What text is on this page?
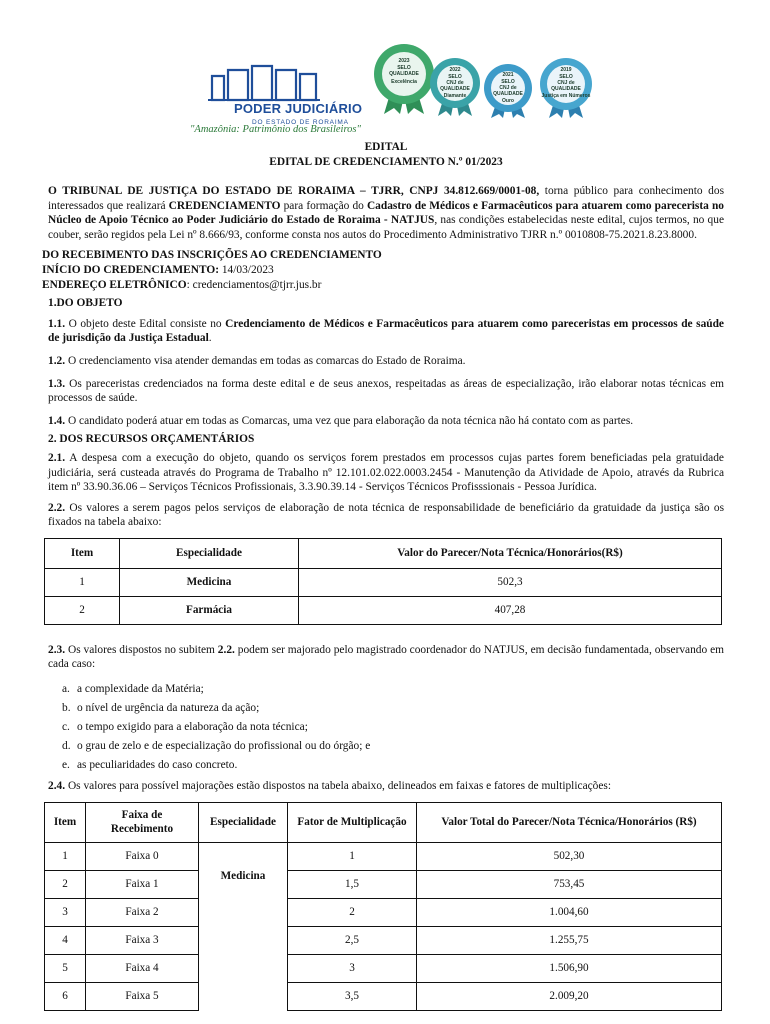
PODER JUDICIÁRIO
DO ESTADO DE RORAIMA
"Amazônia: Patrimônio dos Brasileiros"
2023
SELO
QUALIDADE
Excelência
2022
SELO
CNJ de
QUALIDADE
Diamante
2021
SELO
CNJ de
QUALIDADE
Ouro
2019
SELO
CNJ de
QUALIDADE
Justiça em Números

EDITAL

EDITAL DE CREDENCIAMENTO N.º 01/2023

O TRIBUNAL DE JUSTIÇA DO ESTADO DE RORAIMA – TJRR, CNPJ 34.812.669/0001-08, torna público para conhecimento dos interessados que realizará CREDENCIAMENTO para formação do Cadastro de Médicos e Farmacêuticos para atuarem como parecerista no Núcleo de Apoio Técnico ao Poder Judiciário do Estado de Roraima - NATJUS, nas condições estabelecidas neste edital, cujos termos, no que couber, serão regidos pela Lei nº 8.666/93, conforme consta nos autos do Procedimento Administrativo TJRR n.º 0010808-75.2021.8.23.8000.

DO RECEBIMENTO DAS INSCRIÇÕES AO CREDENCIAMENTO

INÍCIO DO CREDENCIAMENTO: 14/03/2023

ENDEREÇO ELETRÔNICO: credenciamentos@tjrr.jus.br

1.DO OBJETO

1.1. O objeto deste Edital consiste no Credenciamento de Médicos e Farmacêuticos para atuarem como pareceristas em processos de saúde de jurisdição da Justiça Estadual.

1.2. O credenciamento visa atender demandas em todas as comarcas do Estado de Roraima.

1.3. Os pareceristas credenciados na forma deste edital e de seus anexos, respeitadas as áreas de especialização, irão elaborar notas técnicas em processos de saúde.

1.4. O candidato poderá atuar em todas as Comarcas, uma vez que para elaboração da nota técnica não há contato com as partes.

2. DOS RECURSOS ORÇAMENTÁRIOS

2.1. A despesa com a execução do objeto, quando os serviços forem prestados em processos cujas partes forem beneficiadas pela gratuidade judiciária, será custeada através do Programa de Trabalho nº 12.101.02.022.0003.2454 - Manutenção da Atividade de Apoio, através da Rubrica item nº 33.90.36.06 – Serviços Técnicos Profissionais, 3.3.90.39.14 - Serviços Técnicos Profisssionais - Pessoa Jurídica.

2.2. Os valores a serem pagos pelos serviços de elaboração de nota técnica de responsabilidade de beneficiário da gratuidade da justiça são os fixados na tabela abaixo:

Item	Especialidade	Valor do Parecer/Nota Técnica/Honorários(R$)
1	Medicina	502,3
2	Farmácia	407,28

2.3. Os valores dispostos no subitem 2.2. podem ser majorado pelo magistrado coordenador do NATJUS, em decisão fundamentada, observando em cada caso:

a. a complexidade da Matéria;
b. o nível de urgência da natureza da ação;
c. o tempo exigido para a elaboração da nota técnica;
d. o grau de zelo e de especialização do profissional ou do órgão; e
e. as peculiaridades do caso concreto.

2.4. Os valores para possível majorações estão dispostos na tabela abaixo, delineados em faixas e fatores de multiplicações:

Item	Faixa de Recebimento	Especialidade	Fator de Multiplicação	Valor Total do Parecer/Nota Técnica/Honorários (R$)
1	Faixa 0	Medicina	1	502,30
2	Faixa 1		1,5	753,45
3	Faixa 2		2	1.004,60
4	Faixa 3		2,5	1.255,75
5	Faixa 4		3	1.506,90
6	Faixa 5		3,5	2.009,20
